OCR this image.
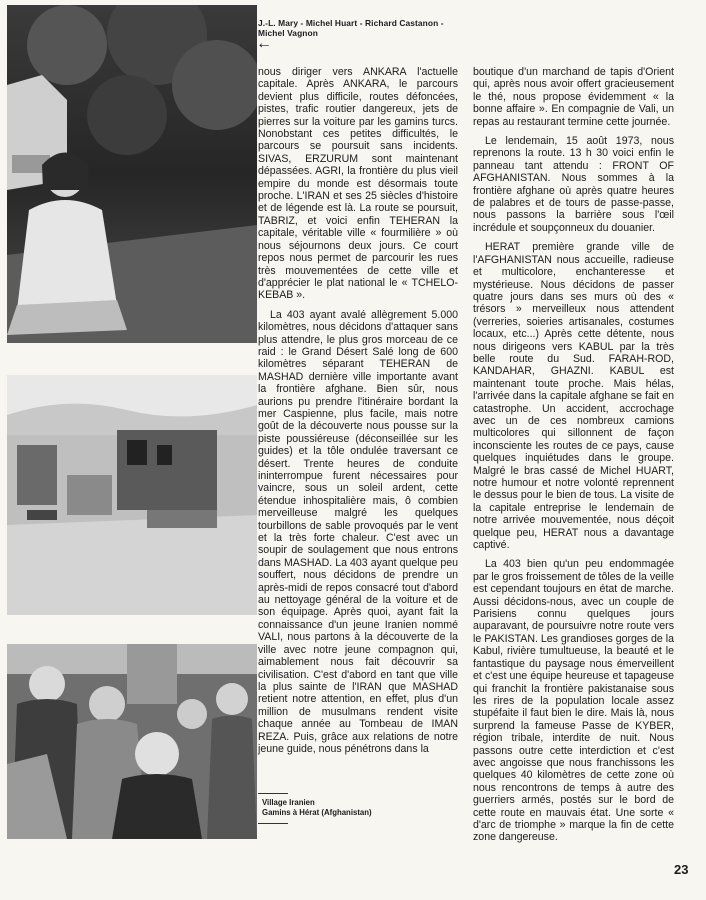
J.-L. Mary - Michel Huart - Richard Castanon - Michel Vagnon
←

nous diriger vers ANKARA l'actuelle capitale. Après ANKARA, le parcours devient plus difficile, routes défoncées, pistes, trafic routier dangereux, jets de pierres sur la voiture par les gamins turcs. Nonobstant ces petites difficultés, le parcours se poursuit sans incidents. SIVAS, ERZURUM sont maintenant dépassées. AGRI, la frontière du plus vieil empire du monde est désormais toute proche. L'IRAN et ses 25 siècles d'histoire et de légende est là. La route se poursuit, TABRIZ, et voici enfin TEHERAN la capitale, véritable ville « fourmilière » où nous séjournons deux jours. Ce court repos nous permet de parcourir les rues très mouvementées de cette ville et d'apprécier le plat national le « TCHELO-KEBAB ».

La 403 ayant avalé allègrement 5.000 kilomètres, nous décidons d'attaquer sans plus attendre, le plus gros morceau de ce raid : le Grand Désert Salé long de 600 kilomètres séparant TEHERAN de MASHAD dernière ville importante avant la frontière afghane. Bien sûr, nous aurions pu prendre l'itinéraire bordant la mer Caspienne, plus facile, mais notre goût de la découverte nous pousse sur la piste poussiéreuse (déconseillée sur les guides) et la tôle ondulée traversant ce désert. Trente heures de conduite ininterrompue furent nécessaires pour vaincre, sous un soleil ardent, cette étendue inhospitalière mais, ô combien merveilleuse malgré les quelques tourbillons de sable provoqués par le vent et la très forte chaleur. C'est avec un soupir de soulagement que nous entrons dans MASHAD. La 403 ayant quelque peu souffert, nous décidons de prendre un après-midi de repos consacré tout d'abord au nettoyage général de la voiture et de son équipage. Après quoi, ayant fait la connaissance d'un jeune Iranien nommé VALI, nous partons à la découverte de la ville avec notre jeune compagnon qui, aimablement nous fait découvrir sa civilisation. C'est d'abord en tant que ville la plus sainte de l'IRAN que MASHAD retient notre attention, en effet, plus d'un million de musulmans rendent visite chaque année au Tombeau de IMAN REZA. Puis, grâce aux relations de notre jeune guide, nous pénétrons dans la

boutique d'un marchand de tapis d'Orient qui, après nous avoir offert gracieusement le thé, nous propose évidemment « la bonne affaire ». En compagnie de Vali, un repas au restaurant termine cette journée.

Le lendemain, 15 août 1973, nous reprenons la route. 13 h 30 voici enfin le panneau tant attendu : FRONT OF AFGHANISTAN. Nous sommes à la frontière afghane où après quatre heures de palabres et de tours de passe-passe, nous passons la barrière sous l'œil incrédule et soupçonneux du douanier.

HERAT première grande ville de l'AFGHANISTAN nous accueille, radieuse et multicolore, enchanteresse et mystérieuse. Nous décidons de passer quatre jours dans ses murs où des « trésors » merveilleux nous attendent (verreries, soieries artisanales, costumes locaux, etc...) Après cette détente, nous nous dirigeons vers KABUL par la très belle route du Sud. FARAH-ROD, KANDAHAR, GHAZNI. KABUL est maintenant toute proche. Mais hélas, l'arrivée dans la capitale afghane se fait en catastrophe. Un accident, accrochage avec un de ces nombreux camions multicolores qui sillonnent de façon inconsciente les routes de ce pays, cause quelques inquiétudes dans le groupe. Malgré le bras cassé de Michel HUART, notre humour et notre volonté reprennent le dessus pour le bien de tous. La visite de la capitale entreprise le lendemain de notre arrivée mouvementée, nous déçoit quelque peu, HERAT nous a davantage captivé.

La 403 bien qu'un peu endommagée par le gros froissement de tôles de la veille est cependant toujours en état de marche. Aussi décidons-nous, avec un couple de Parisiens connu quelques jours auparavant, de poursuivre notre route vers le PAKISTAN. Les grandioses gorges de la Kabul, rivière tumultueuse, la beauté et le fantastique du paysage nous émerveillent et c'est une équipe heureuse et tapageuse qui franchit la frontière pakistanaise sous les rires de la population locale assez stupéfaite il faut bien le dire. Mais là, nous surprend la fameuse Passe de KYBER, région tribale, interdite de nuit. Nous passons outre cette interdiction et c'est avec angoisse que nous franchissons les quelques 40 kilomètres de cette zone où nous rencontrons de temps à autre des guerriers armés, postés sur le bord de cette route en mauvais état. Une sorte « d'arc de triomphe » marque la fin de cette zone dangereuse.

Village Iranien
Gamins à Hérat (Afghanistan)
23
